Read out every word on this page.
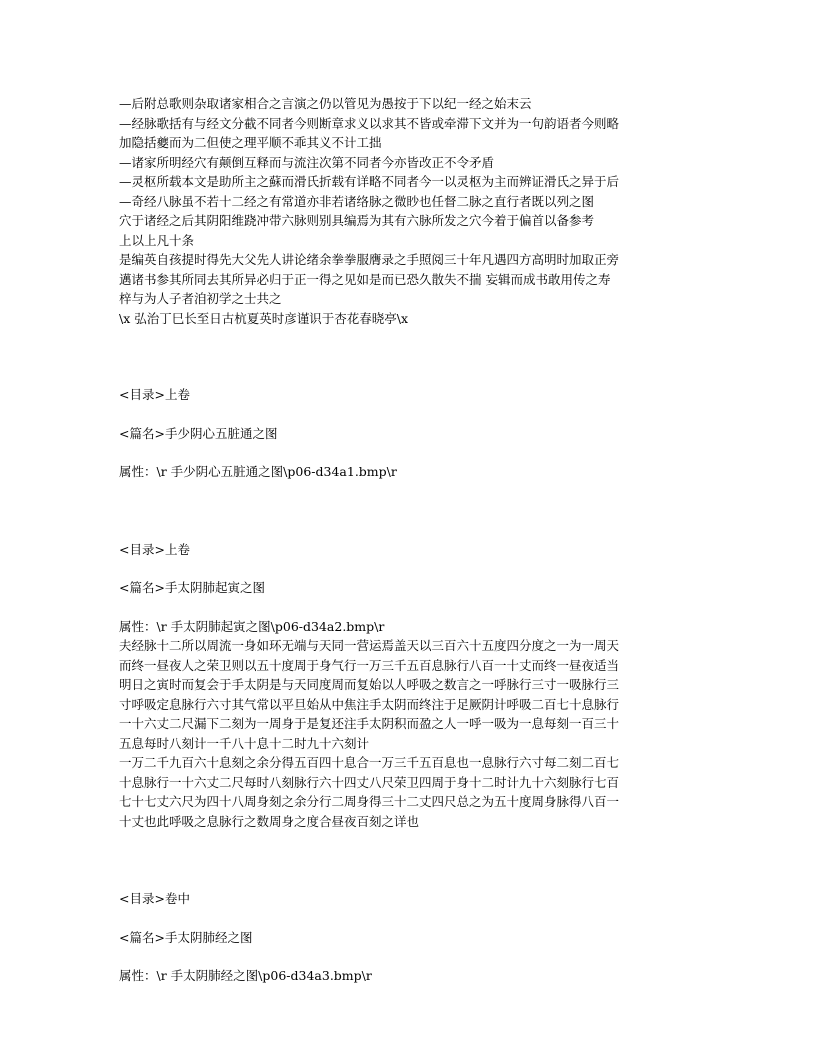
—后附总歌则杂取诸家相合之言演之仍以管见为愚按于下以纪一经之始末云

—经脉歌括有与经文分截不同者今则断章求义以求其不皆或牵滞下文并为一句韵语者今则略

加隐括夔而为二但使之理平顺不乖其义不计工拙

—诸家所明经穴有颠倒互释而与流注次第不同者今亦皆改正不令矛盾

—灵枢所载本文是助所主之蘇而滑氏折载有详略不同者今一以灵枢为主而辨证滑氏之异于后

—奇经八脉虽不若十二经之有常道亦非若诸络脉之微眇也任督二脉之直行者既以列之图

穴于诸经之后其阴阳维跷冲带六脉则别具编焉为其有六脉所发之穴今着于偏首以备参考

上以上凡十条

是编英自孩提时得先大父先人讲论绪余拳拳服膺录之手照阅三十年凡遇四方高明时加取正旁

邁诸书参其所同去其所异必归于正一得之见如是而已恐久散失不揣 妄辑而成书敢用传之寿

梓与为人子者洎初学之士共之

\x 弘治丁巳长至日古杭夏英时彦谨识于杏花春晓亭\x

<目录>上卷

<篇名>手少阴心五脏通之图

属性：\r 手少阴心五脏通之图\p06-d34a1.bmp\r

<目录>上卷

<篇名>手太阴肺起寅之图

属性：\r 手太阴肺起寅之图\p06-d34a2.bmp\r

夫经脉十二所以周流一身如环无端与天同一营运焉盖天以三百六十五度四分度之一为一周天

而终一昼夜人之荣卫则以五十度周于身气行一万三千五百息脉行八百一十丈而终一昼夜适当

明日之寅时而复会于手太阴是与天同度周而复始以人呼吸之数言之一呼脉行三寸一吸脉行三

寸呼吸定息脉行六寸其气常以平旦始从中焦注手太阴而终注于足厥阴计呼吸二百七十息脉行

一十六丈二尺漏下二刻为一周身于是复还注手太阴积而盈之人一呼一吸为一息每刻一百三十

五息每时八刻计一千八十息十二时九十六刻计

一万二千九百六十息刻之余分得五百四十息合一万三千五百息也一息脉行六寸每二刻二百七

十息脉行一十六丈二尺每时八刻脉行六十四丈八尺荣卫四周于身十二时计九十六刻脉行七百

七十七丈六尺为四十八周身刻之余分行二周身得三十二丈四尺总之为五十度周身脉得八百一

十丈也此呼吸之息脉行之数周身之度合昼夜百刻之详也

<目录>卷中

<篇名>手太阴肺经之图

属性：\r 手太阴肺经之图\p06-d34a3.bmp\r
